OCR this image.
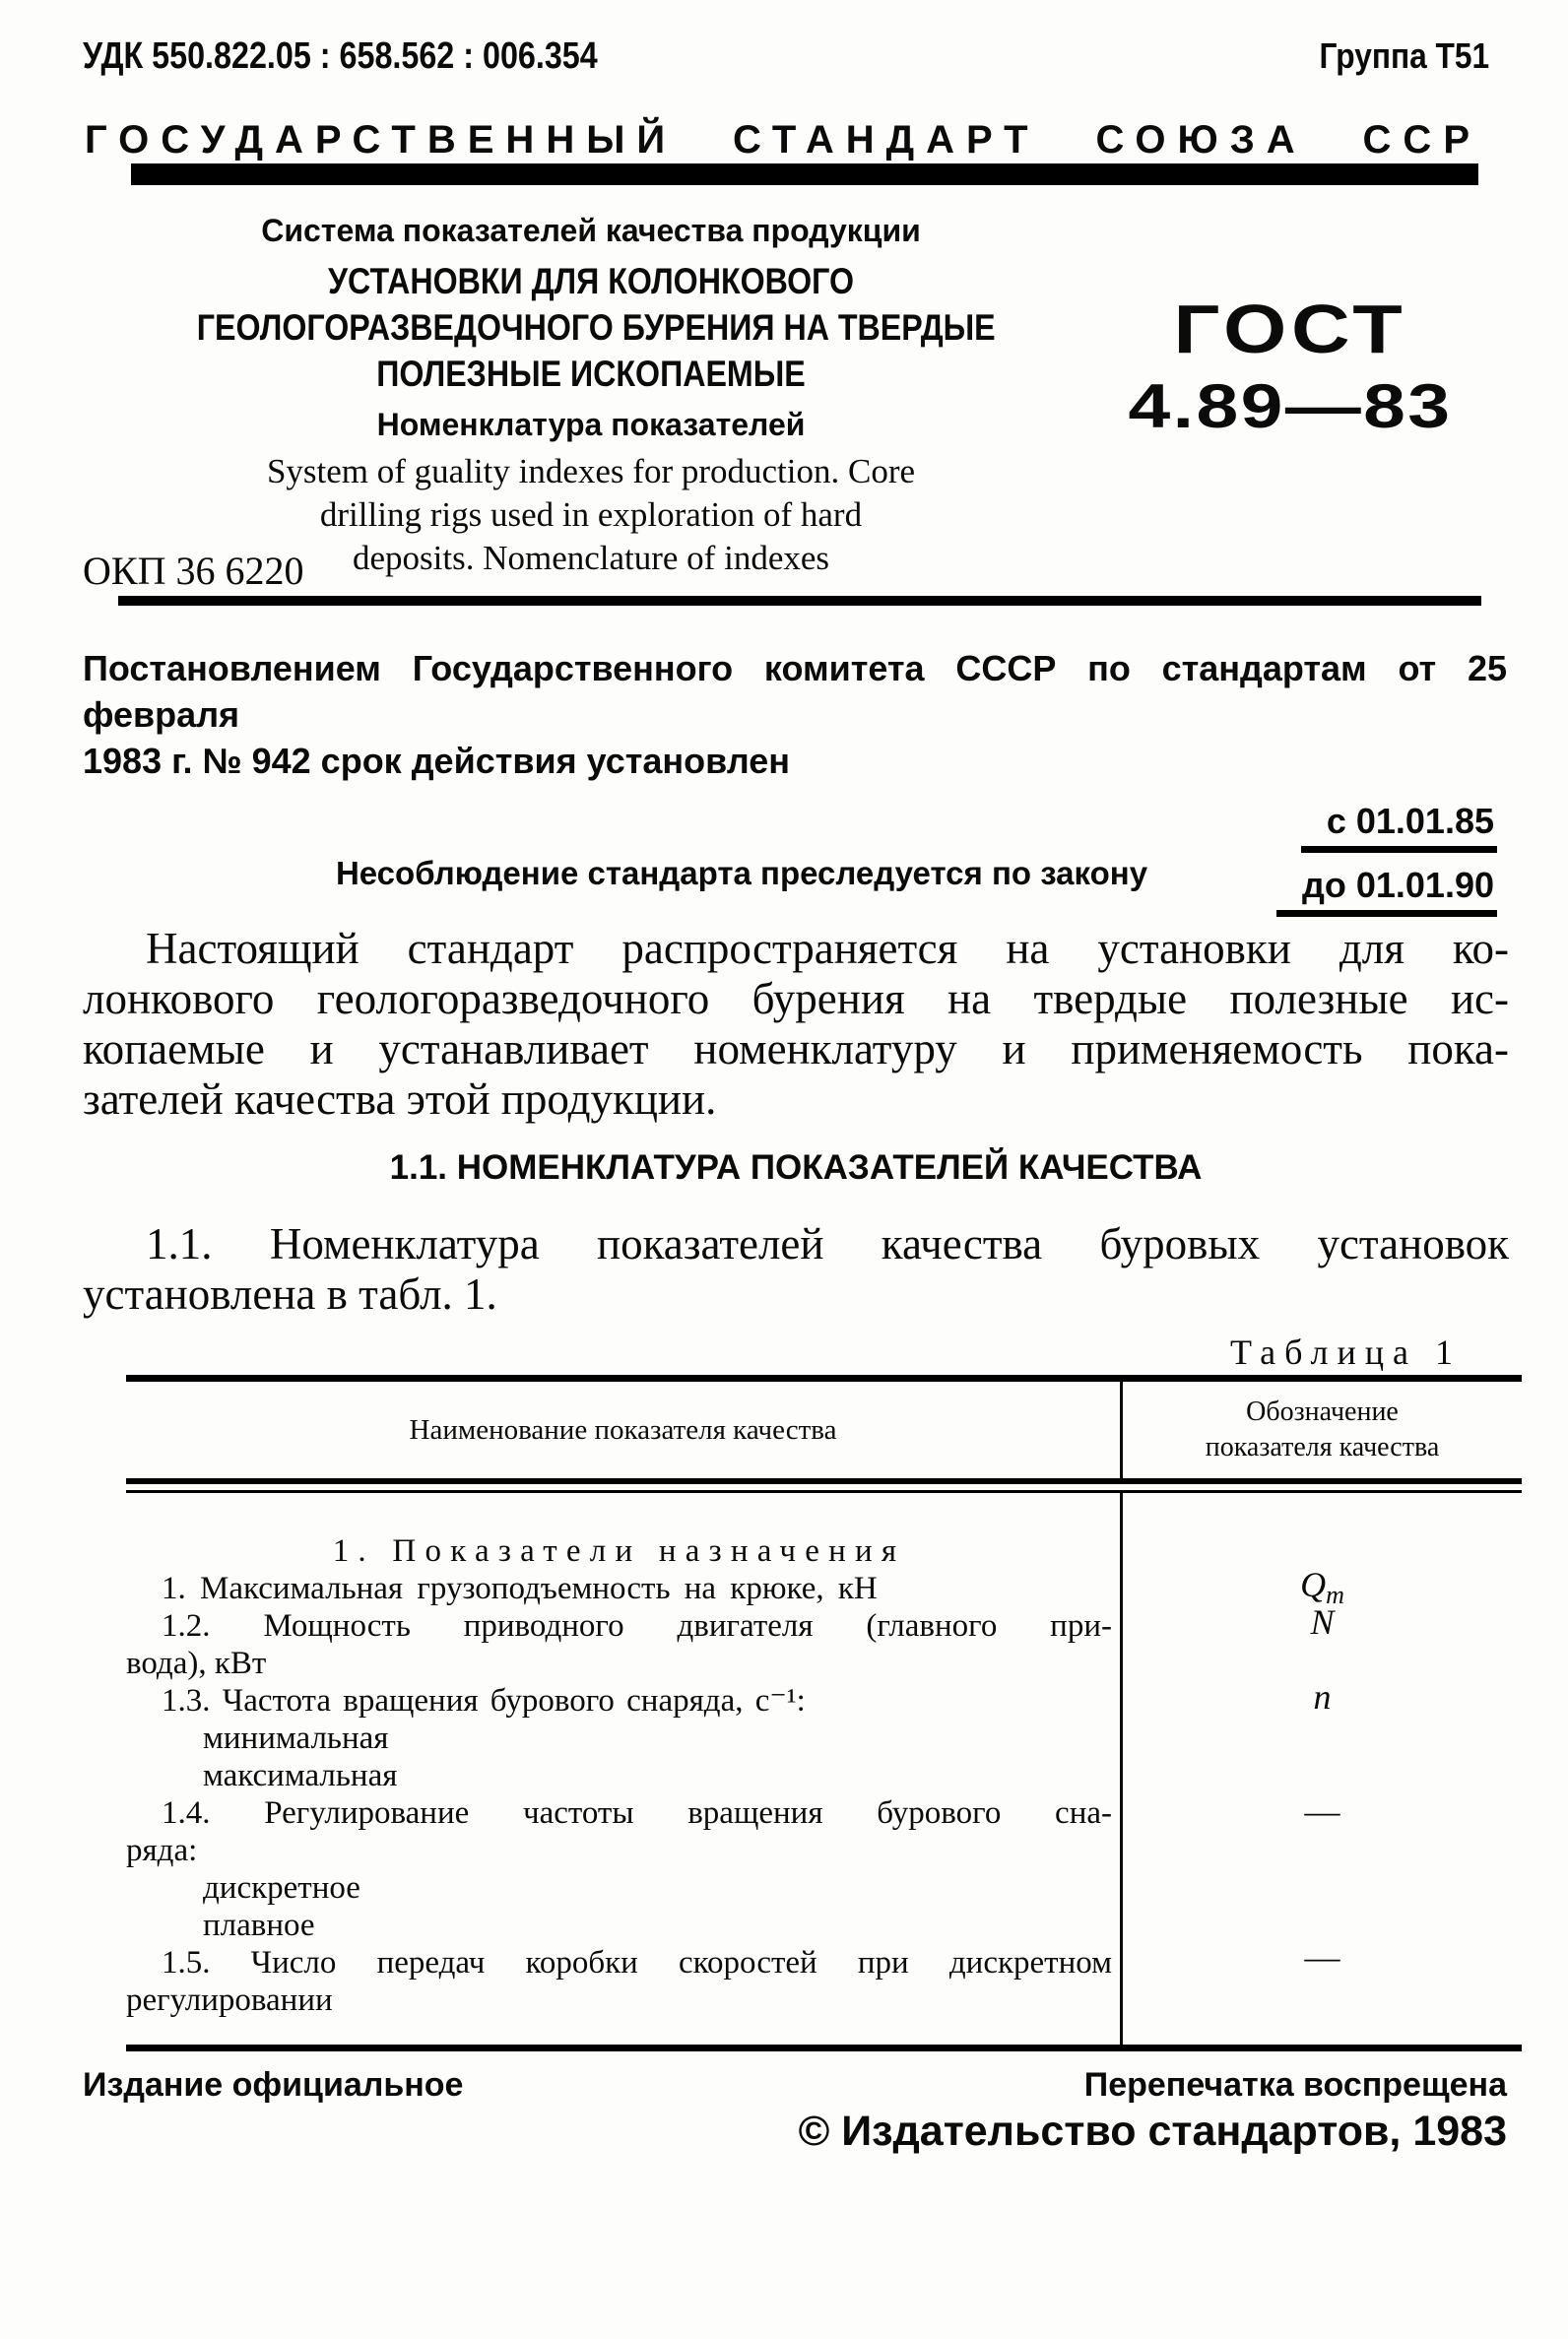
УДК 550.822.05 : 658.562 : 006.354	Группа Т51
ГОСУДАРСТВЕННЫЙ СТАНДАРТ СОЮЗА ССР
Система показателей качества продукции
УСТАНОВКИ ДЛЯ КОЛОНКОВОГО
ГЕОЛОГОРАЗВЕДОЧНОГО БУРЕНИЯ НА ТВЕРДЫЕ
ПОЛЕЗНЫЕ ИСКОПАЕМЫЕ
Номенклатура показателей
System of guality indexes for production. Core
drilling rigs used in exploration of hard
deposits. Nomenclature of indexes
ОКП 36 6220
ГОСТ
4.89—83
Постановлением Государственного комитета СССР по стандартам от 25 февраля
1983 г. № 942 срок действия установлен
с 01.01.85
до 01.01.90
Несоблюдение стандарта преследуется по закону
Настоящий стандарт распространяется на установки для ко-
лонкового геологоразведочного бурения на твердые полезные ис-
копаемые и устанавливает номенклатуру и применяемость пока-
зателей качества этой продукции.
1.1. НОМЕНКЛАТУРА ПОКАЗАТЕЛЕЙ КАЧЕСТВА
1.1. Номенклатура показателей качества буровых установок
установлена в табл. 1.
Таблица 1
Наименование показателя качества
Обозначение
показателя качества
1. Показатели назначения
1. Максимальная грузоподъемность на крюке, кН
1.2. Мощность приводного двигателя (главного при-
вода), кВт
1.3. Частота вращения бурового снаряда, с⁻¹:
минимальная
максимальная
1.4. Регулирование частоты вращения бурового сна-
ряда:
дискретное
плавное
1.5. Число передач коробки скоростей при дискретном
регулировании
$Q_m$
N
n
—
—
Издание официальное	Перепечатка воспрещена
© Издательство стандартов, 1983
